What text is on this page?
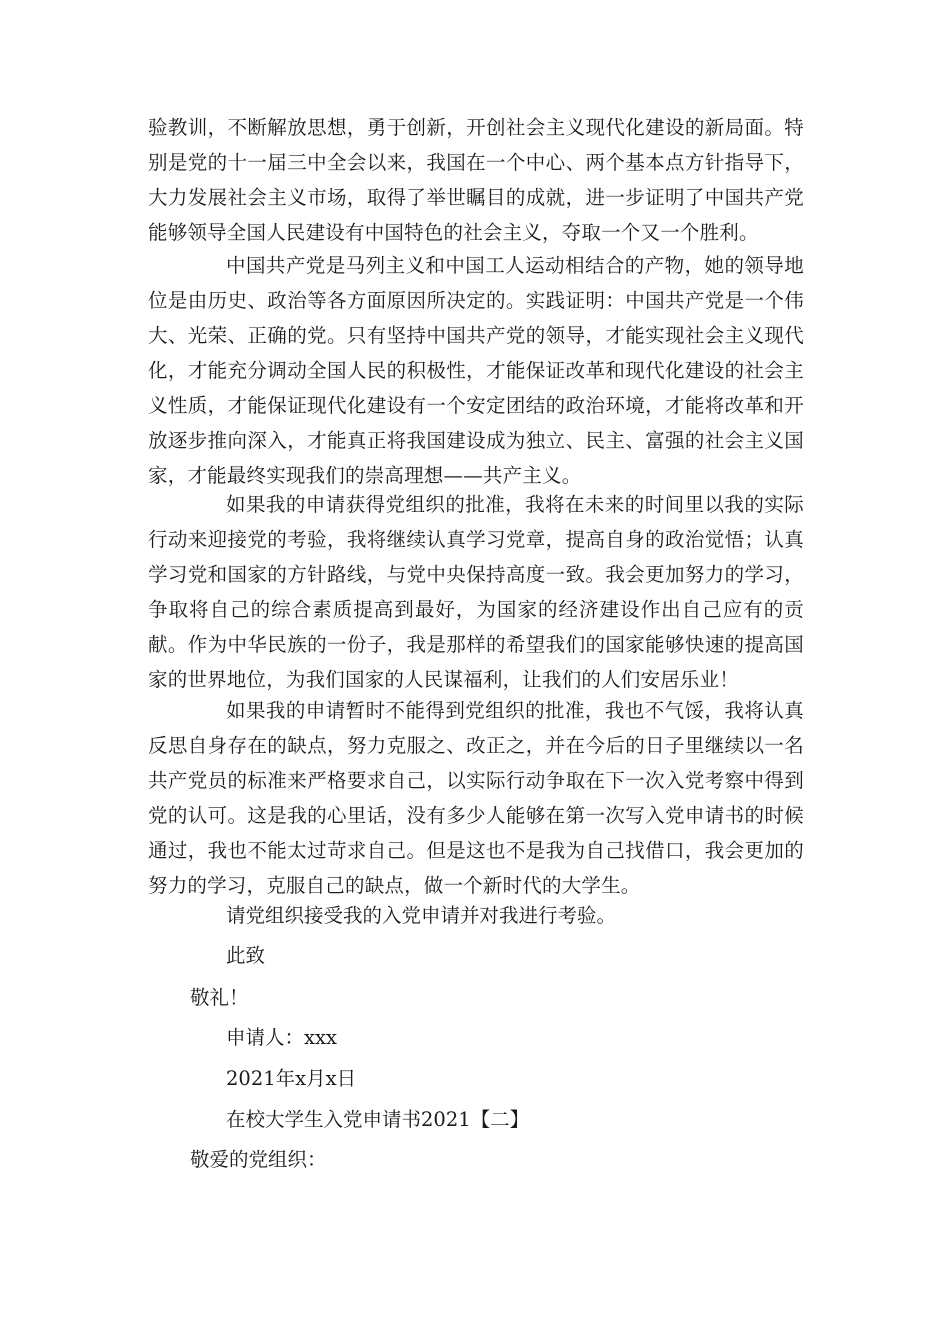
验教训，不断解放思想，勇于创新，开创社会主义现代化建设的新局面。特别是党的十一届三中全会以来，我国在一个中心、两个基本点方针指导下，大力发展社会主义市场，取得了举世瞩目的成就，进一步证明了中国共产党能够领导全国人民建设有中国特色的社会主义，夺取一个又一个胜利。
中国共产党是马列主义和中国工人运动相结合的产物，她的领导地位是由历史、政治等各方面原因所决定的。实践证明：中国共产党是一个伟大、光荣、正确的党。只有坚持中国共产党的领导，才能实现社会主义现代化，才能充分调动全国人民的积极性，才能保证改革和现代化建设的社会主义性质，才能保证现代化建设有一个安定团结的政治环境，才能将改革和开放逐步推向深入，才能真正将我国建设成为独立、民主、富强的社会主义国家，才能最终实现我们的崇高理想——共产主义。
如果我的申请获得党组织的批准，我将在未来的时间里以我的实际行动来迎接党的考验，我将继续认真学习党章，提高自身的政治觉悟；认真学习党和国家的方针路线，与党中央保持高度一致。我会更加努力的学习，争取将自己的综合素质提高到最好，为国家的经济建设作出自己应有的贡献。作为中华民族的一份子，我是那样的希望我们的国家能够快速的提高国家的世界地位，为我们国家的人民谋福利，让我们的人们安居乐业！
如果我的申请暂时不能得到党组织的批准，我也不气馁，我将认真反思自身存在的缺点，努力克服之、改正之，并在今后的日子里继续以一名共产党员的标准来严格要求自己，以实际行动争取在下一次入党考察中得到党的认可。这是我的心里话，没有多少人能够在第一次写入党申请书的时候通过，我也不能太过苛求自己。但是这也不是我为自己找借口，我会更加的努力的学习，克服自己的缺点，做一个新时代的大学生。
请党组织接受我的入党申请并对我进行考验。
此致
敬礼！
申请人：xxx
2021年x月x日
在校大学生入党申请书2021【二】
敬爱的党组织：
